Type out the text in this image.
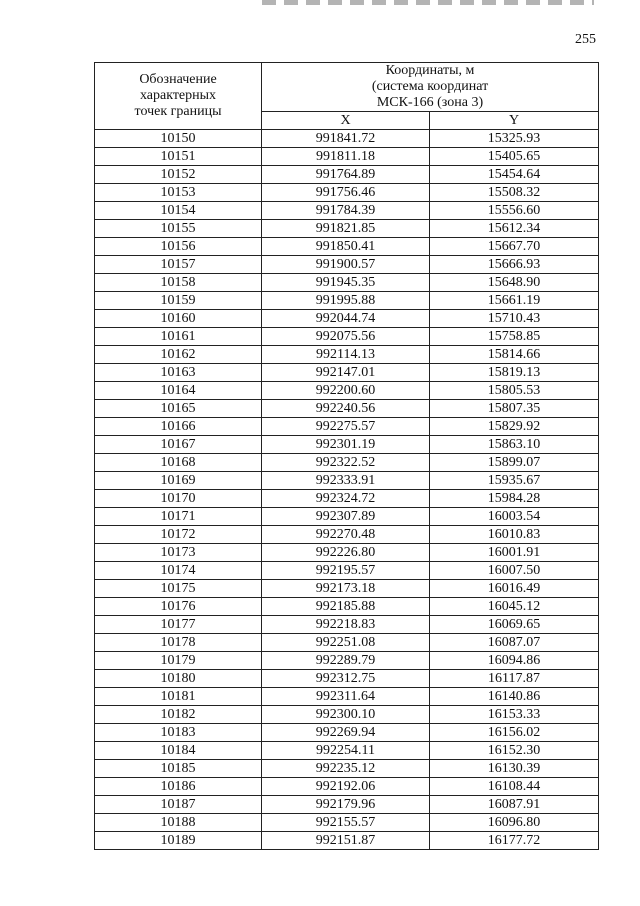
255
Обозначение
характерных
точек границы	Координаты, м
(система координат
МСК-166 (зона 3)	

	X	Y
10150	991841.72	15325.93
10151	991811.18	15405.65
10152	991764.89	15454.64
10153	991756.46	15508.32
10154	991784.39	15556.60
10155	991821.85	15612.34
10156	991850.41	15667.70
10157	991900.57	15666.93
10158	991945.35	15648.90
10159	991995.88	15661.19
10160	992044.74	15710.43
10161	992075.56	15758.85
10162	992114.13	15814.66
10163	992147.01	15819.13
10164	992200.60	15805.53
10165	992240.56	15807.35
10166	992275.57	15829.92
10167	992301.19	15863.10
10168	992322.52	15899.07
10169	992333.91	15935.67
10170	992324.72	15984.28
10171	992307.89	16003.54
10172	992270.48	16010.83
10173	992226.80	16001.91
10174	992195.57	16007.50
10175	992173.18	16016.49
10176	992185.88	16045.12
10177	992218.83	16069.65
10178	992251.08	16087.07
10179	992289.79	16094.86
10180	992312.75	16117.87
10181	992311.64	16140.86
10182	992300.10	16153.33
10183	992269.94	16156.02
10184	992254.11	16152.30
10185	992235.12	16130.39
10186	992192.06	16108.44
10187	992179.96	16087.91
10188	992155.57	16096.80
10189	992151.87	16177.72
